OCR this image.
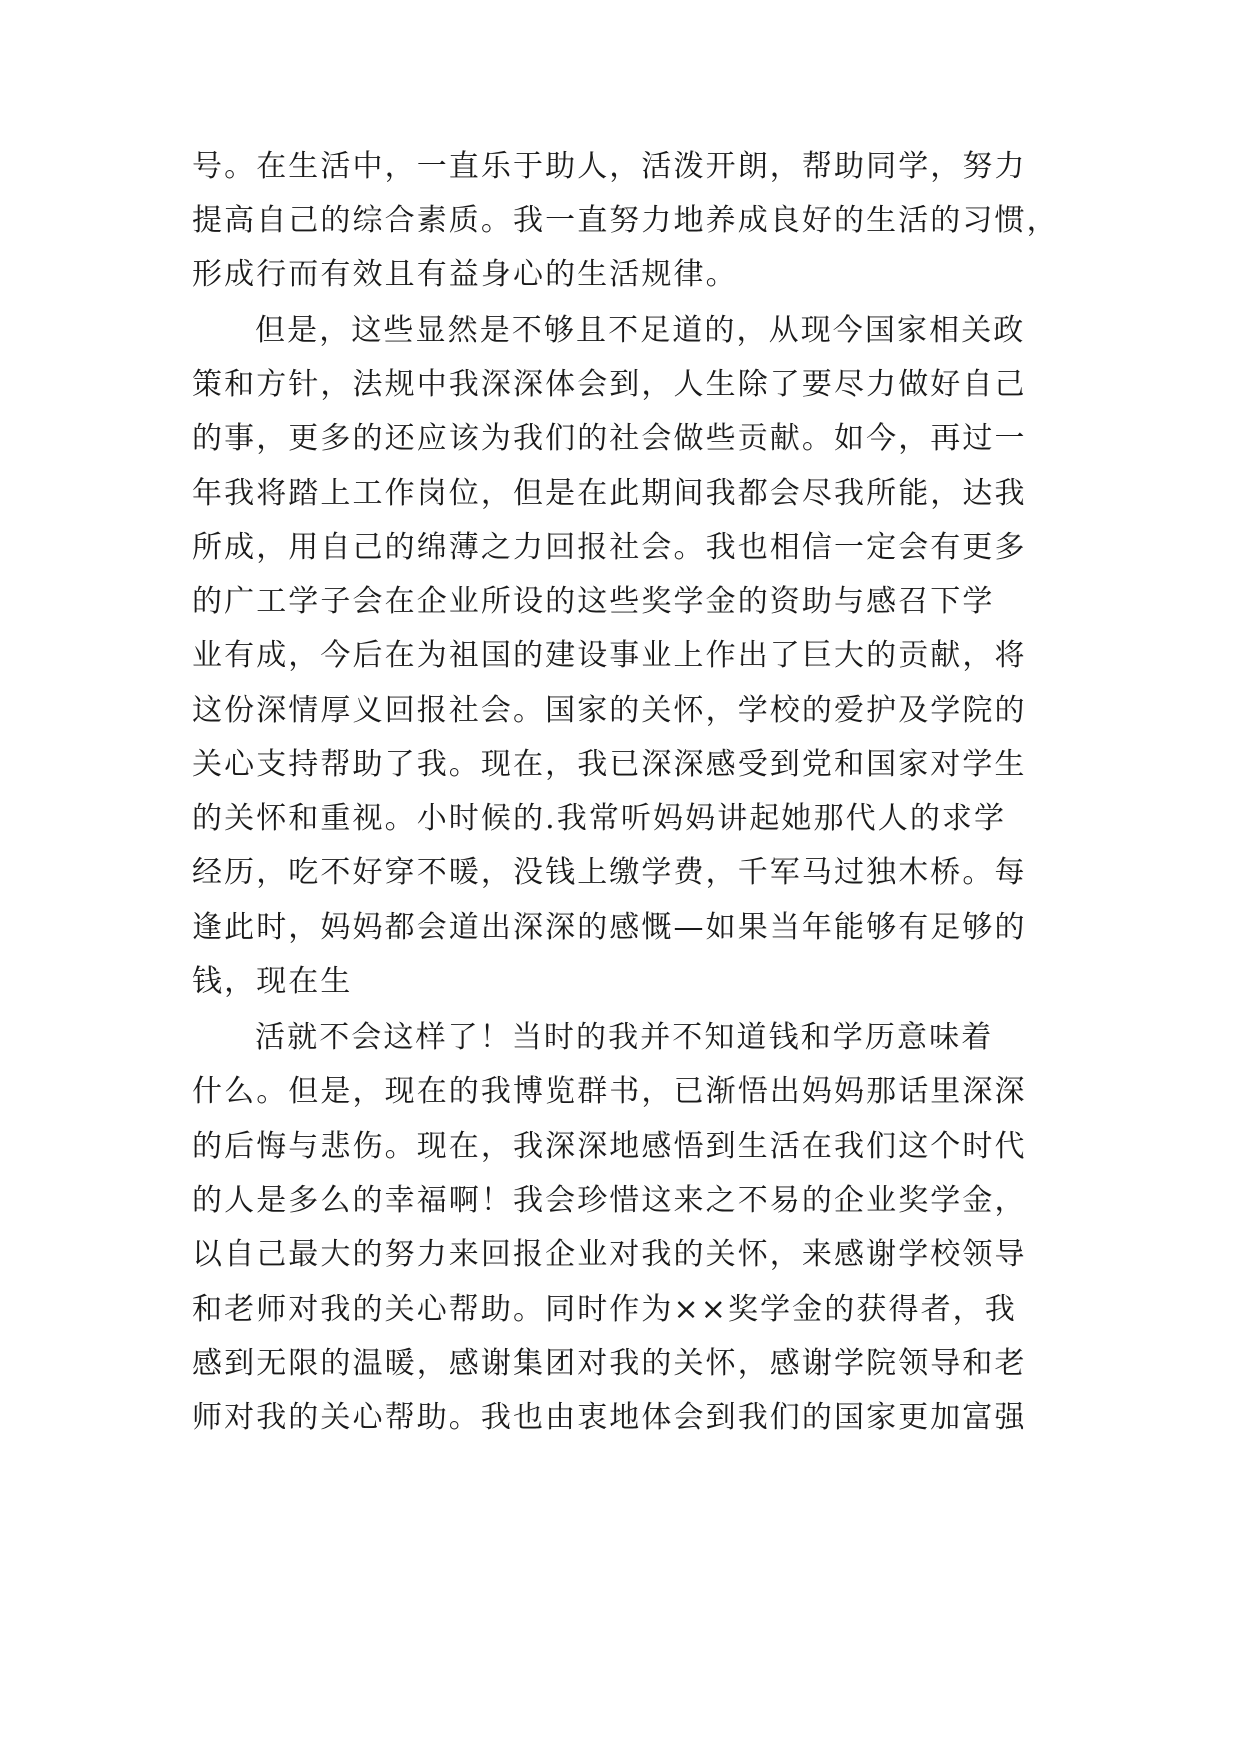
号。在生活中，一直乐于助人，活泼开朗，帮助同学，努力
提高自己的综合素质。我一直努力地养成良好的生活的习惯，
形成行而有效且有益身心的生活规律。
但是，这些显然是不够且不足道的，从现今国家相关政
策和方针，法规中我深深体会到，人生除了要尽力做好自己
的事，更多的还应该为我们的社会做些贡献。如今，再过一
年我将踏上工作岗位，但是在此期间我都会尽我所能，达我
所成，用自己的绵薄之力回报社会。我也相信一定会有更多
的广工学子会在企业所设的这些奖学金的资助与感召下学
业有成，今后在为祖国的建设事业上作出了巨大的贡献，将
这份深情厚义回报社会。国家的关怀，学校的爱护及学院的
关心支持帮助了我。现在，我已深深感受到党和国家对学生
的关怀和重视。小时候的.我常听妈妈讲起她那代人的求学
经历，吃不好穿不暖，没钱上缴学费，千军马过独木桥。每
逢此时，妈妈都会道出深深的感慨—如果当年能够有足够的
钱，现在生
活就不会这样了！当时的我并不知道钱和学历意味着
什么。但是，现在的我博览群书，已渐悟出妈妈那话里深深
的后悔与悲伤。现在，我深深地感悟到生活在我们这个时代
的人是多么的幸福啊！我会珍惜这来之不易的企业奖学金，
以自己最大的努力来回报企业对我的关怀，来感谢学校领导
和老师对我的关心帮助。同时作为××奖学金的获得者，我
感到无限的温暖，感谢集团对我的关怀，感谢学院领导和老
师对我的关心帮助。我也由衷地体会到我们的国家更加富强
